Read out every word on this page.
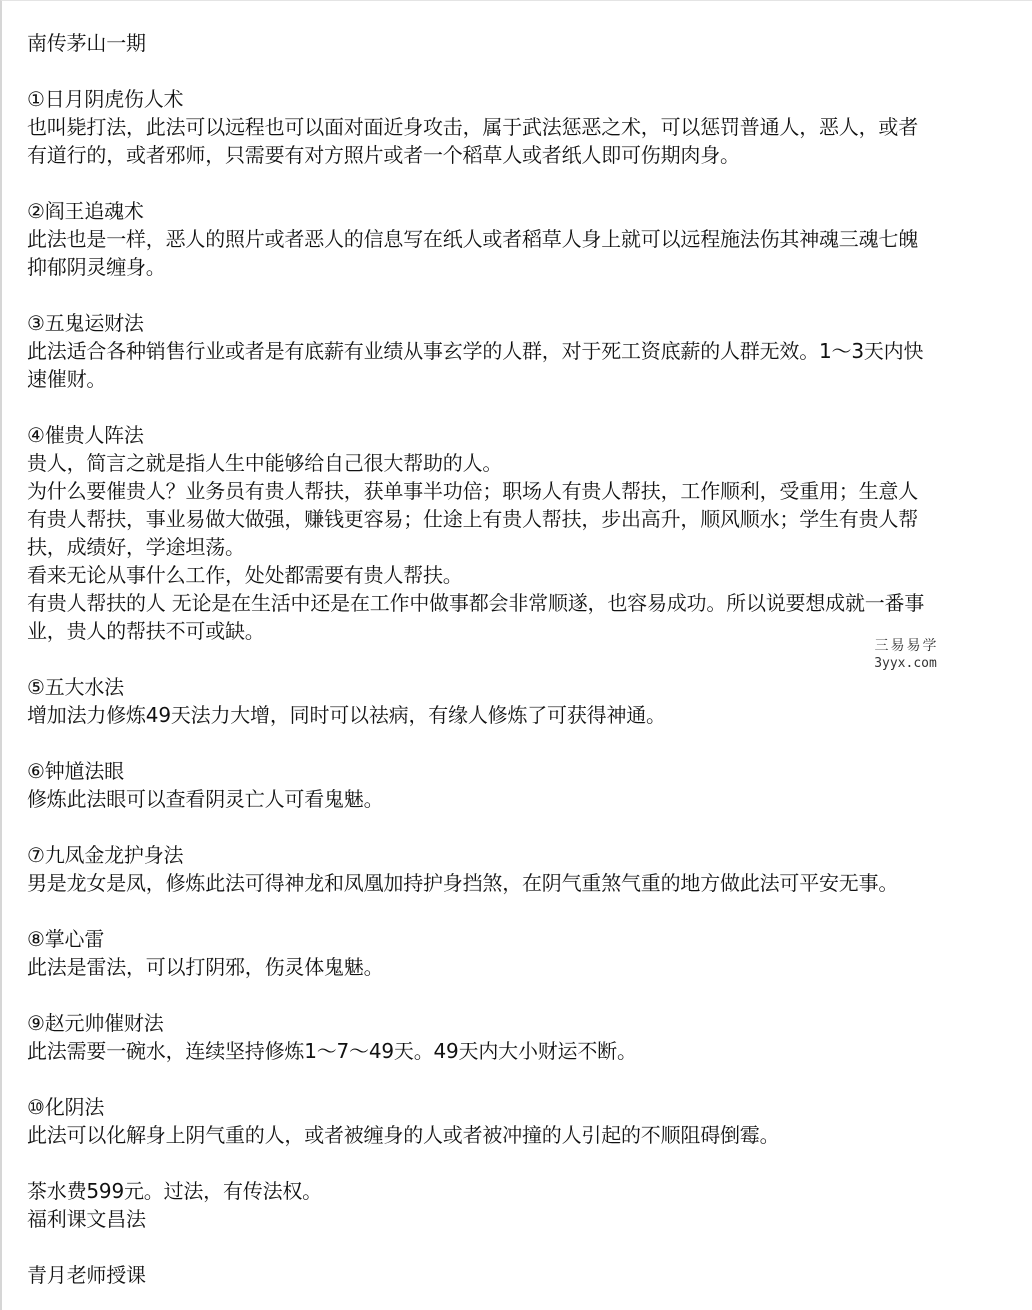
南传茅山一期
①日月阴虎伤人术
也叫毙打法，此法可以远程也可以面对面近身攻击，属于武法惩恶之术，可以惩罚普通人，恶人，或者
有道行的，或者邪师，只需要有对方照片或者一个稻草人或者纸人即可伤期肉身。
②阎王追魂术
此法也是一样，恶人的照片或者恶人的信息写在纸人或者稻草人身上就可以远程施法伤其神魂三魂七魄
抑郁阴灵缠身。
③五鬼运财法
此法适合各种销售行业或者是有底薪有业绩从事玄学的人群，对于死工资底薪的人群无效。1～3天内快
速催财。
④催贵人阵法
贵人，简言之就是指人生中能够给自己很大帮助的人。
为什么要催贵人？业务员有贵人帮扶，获单事半功倍；职场人有贵人帮扶，工作顺利，受重用；生意人
有贵人帮扶，事业易做大做强，赚钱更容易；仕途上有贵人帮扶，步出高升，顺风顺水；学生有贵人帮
扶，成绩好，学途坦荡。
看来无论从事什么工作，处处都需要有贵人帮扶。
有贵人帮扶的人 无论是在生活中还是在工作中做事都会非常顺遂，也容易成功。所以说要想成就一番事
业，贵人的帮扶不可或缺。
⑤五大水法
增加法力修炼49天法力大增，同时可以祛病，有缘人修炼了可获得神通。
⑥钟馗法眼
修炼此法眼可以查看阴灵亡人可看鬼魅。
⑦九凤金龙护身法
男是龙女是凤，修炼此法可得神龙和凤凰加持护身挡煞，在阴气重煞气重的地方做此法可平安无事。
⑧掌心雷
此法是雷法，可以打阴邪，伤灵体鬼魅。
⑨赵元帅催财法
此法需要一碗水，连续坚持修炼1～7～49天。49天内大小财运不断。
⑩化阴法
此法可以化解身上阴气重的人，或者被缠身的人或者被冲撞的人引起的不顺阻碍倒霉。
茶水费599元。过法，有传法权。
福利课文昌法
青月老师授课
三易易学
3yyx.com
